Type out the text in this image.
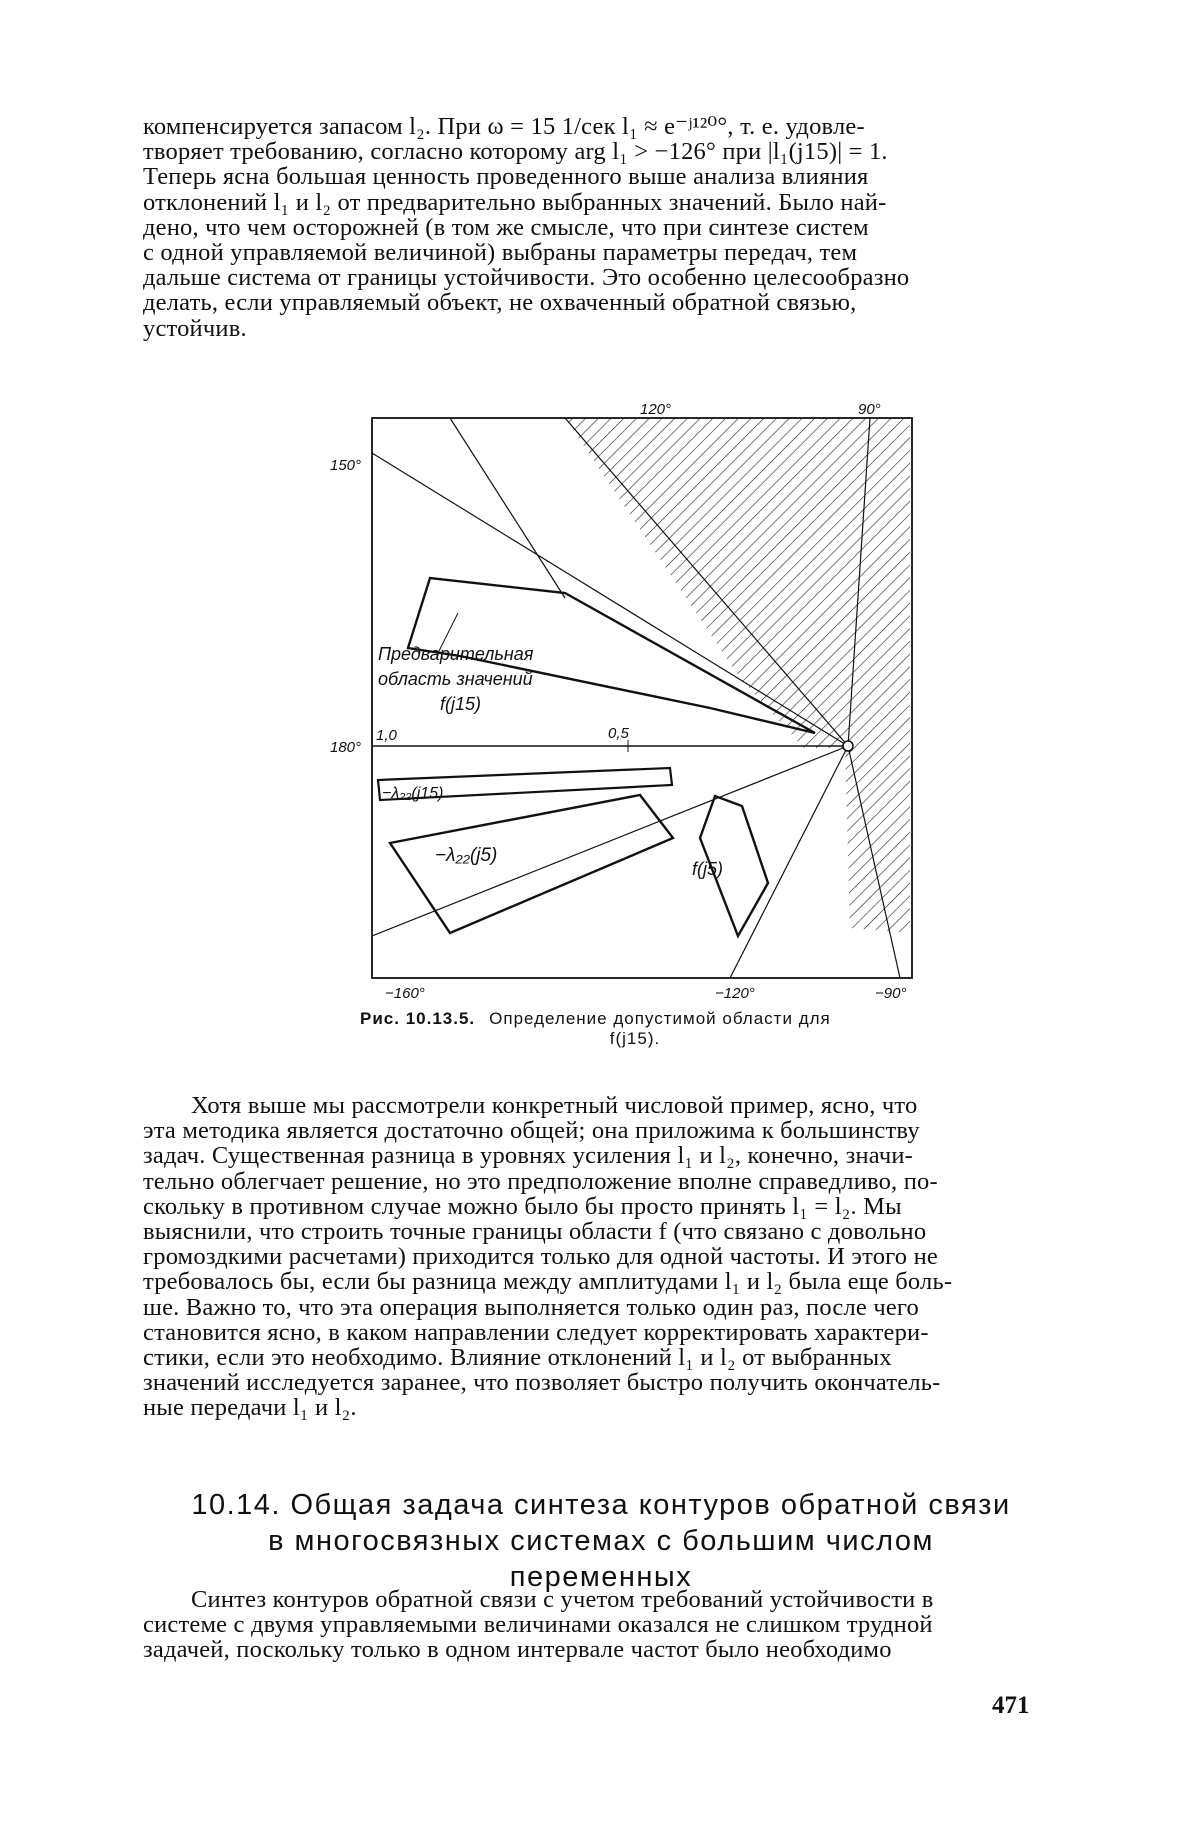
компенсируется запасом l₂. При ω = 15 1/сек l₁ ≈ e⁻ʲ¹²⁰°, т. е. удовле-
творяет требованию, согласно которому arg l₁ > −126° при |l₁(j15)| = 1.
Теперь ясна большая ценность проведенного выше анализа влияния
отклонений l₁ и l₂ от предварительно выбранных значений. Было най-
дено, что чем осторожней (в том же смысле, что при синтезе систем
с одной управляемой величиной) выбраны параметры передач, тем
дальше система от границы устойчивости. Это особенно целесообразно
делать, если управляемый объект, не охваченный обратной связью,
устойчив.
120°	90°
150°
180°
−160°	−120°	−90°
1,0	0,5
Предварительная
область значений
f(j15)
−λ₂₂(j15)
−λ₂₂(j5)
f(j5)
Рис. 10.13.5. Определение допустимой области для
f(j15).
Хотя выше мы рассмотрели конкретный числовой пример, ясно, что
эта методика является достаточно общей; она приложима к большинству
задач. Существенная разница в уровнях усиления l₁ и l₂, конечно, значи-
тельно облегчает решение, но это предположение вполне справедливо, по-
скольку в противном случае можно было бы просто принять l₁ = l₂. Мы
выяснили, что строить точные границы области f (что связано с довольно
громоздкими расчетами) приходится только для одной частоты. И этого не
требовалось бы, если бы разница между амплитудами l₁ и l₂ была еще боль-
ше. Важно то, что эта операция выполняется только один раз, после чего
становится ясно, в каком направлении следует корректировать характери-
стики, если это необходимо. Влияние отклонений l₁ и l₂ от выбранных
значений исследуется заранее, что позволяет быстро получить окончатель-
ные передачи l₁ и l₂.
10.14. Общая задача синтеза контуров обратной связи
в многосвязных системах с большим числом
переменных
Синтез контуров обратной связи с учетом требований устойчивости в
системе с двумя управляемыми величинами оказался не слишком трудной
задачей, поскольку только в одном интервале частот было необходимо
471
